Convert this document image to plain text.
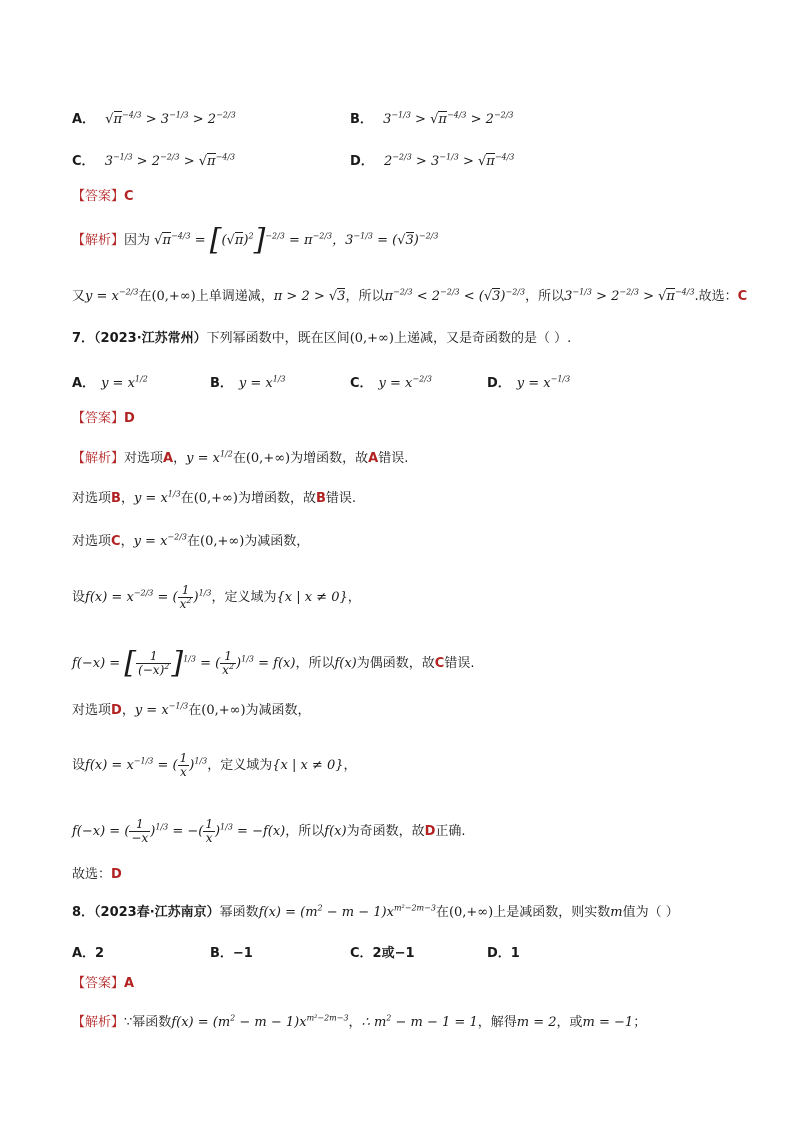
A． $√\pi^{-4/3} > 3^{-1/3} > 2^{-2/3}$	B． $3^{-1/3} > √\pi^{-4/3} > 2^{-2/3}$
C． $3^{-1/3} > 2^{-2/3} > √\pi^{-4/3}$	D． $2^{-2/3} > 3^{-1/3} > √\pi^{-4/3}$
【答案】C
【解析】因为 $√\pi^{-4/3} = [(√\pi)^2]^{-2/3} = \pi^{-2/3}$，$3^{-1/3} = (√3)^{-2/3}$
又$y = x^{-2/3}$在(0,+∞)上单调递减，π > 2 > √3，所以$\pi^{-2/3} < 2^{-2/3} < (√3)^{-2/3}$，所以$3^{-1/3} > 2^{-2/3} > √\pi^{-4/3}$.故选：C
7．（2023·江苏常州）下列幂函数中，既在区间(0,+∞)上递减，又是奇函数的是（ ）.
A． $y = x^{1/2}$	B． $y = x^{1/3}$	C． $y = x^{-2/3}$	D． $y = x^{-1/3}$
【答案】D
【解析】对选项A，$y = x^{1/2}$在(0,+∞)为增函数，故A错误.
对选项B，$y = x^{1/3}$在(0,+∞)为增函数，故B错误.
对选项C，$y = x^{-2/3}$在(0,+∞)为减函数，
设$f(x) = x^{-2/3}$ = ( $\frac{1}{x^2} )^{1/3}$，定义域为{x | x ≠ 0}，
f(−x) = [ $\frac{1}{(-x)^2} ]^{1/3}$ = ( $\frac{1}{x^2} )^{1/3} = f(x)$，所以f(x)为偶函数，故C错误.
对选项D，$y = x^{-1/3}$在(0,+∞)为减函数，
设$f(x) = x^{-1/3}$ = ( $\frac{1}{x} )^{1/3}$，定义域为{x | x ≠ 0}，
f(−x) = ( $\frac{1}{-x} )^{1/3}$ = −( $\frac{1}{x} )^{1/3} = -f(x)$，所以f(x)为奇函数，故D正确.
故选：D
8．（2023春·江苏南京）幂函数$f(x) = (m^2 - m - 1)x^{m^2-2m-3}$在(0,+∞)上是减函数，则实数m值为（ ）
A．2	B．−1	C．2或−1	D．1
【答案】A
【解析】∵幂函数$f(x) = (m^2 - m - 1)x^{m^2-2m-3}$，∴ $m^2 - m - 1 = 1$，解得m = 2，或m = −1；
